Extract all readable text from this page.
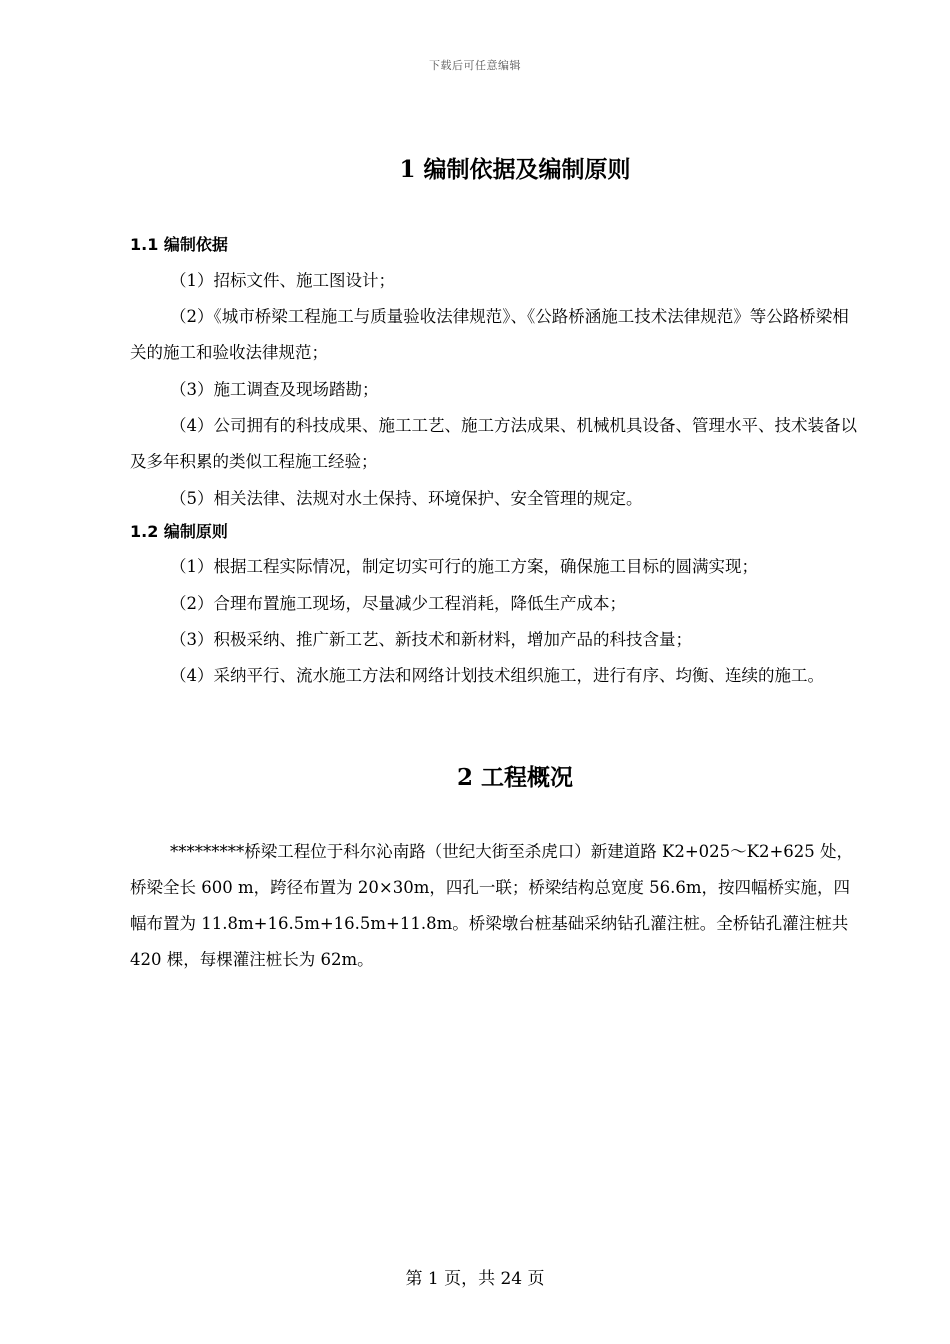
下载后可任意编辑
1 编制依据及编制原则
1.1 编制依据

（1）招标文件、施工图设计；

（2）《城市桥梁工程施工与质量验收法律规范》、《公路桥涵施工技术法律规范》等公路桥梁相关的施工和验收法律规范；

（3）施工调查及现场踏勘；

（4）公司拥有的科技成果、施工工艺、施工方法成果、机械机具设备、管理水平、技术装备以及多年积累的类似工程施工经验；

（5）相关法律、法规对水土保持、环境保护、安全管理的规定。

1.2 编制原则

（1）根据工程实际情况，制定切实可行的施工方案，确保施工目标的圆满实现；

（2）合理布置施工现场，尽量减少工程消耗，降低生产成本；

（3）积极采纳、推广新工艺、新技术和新材料，增加产品的科技含量；

（4）采纳平行、流水施工方法和网络计划技术组织施工，进行有序、均衡、连续的施工。

2 工程概况

*********桥梁工程位于科尔沁南路（世纪大街至杀虎口）新建道路 K2+025～K2+625 处，桥梁全长 600 m，跨径布置为 20×30m，四孔一联；桥梁结构总宽度 56.6m，按四幅桥实施，四幅布置为 11.8m+16.5m+16.5m+11.8m。桥梁墩台桩基础采纳钻孔灌注桩。全桥钻孔灌注桩共 420 棵，每棵灌注桩长为 62m。

第 1 页，共 24 页
